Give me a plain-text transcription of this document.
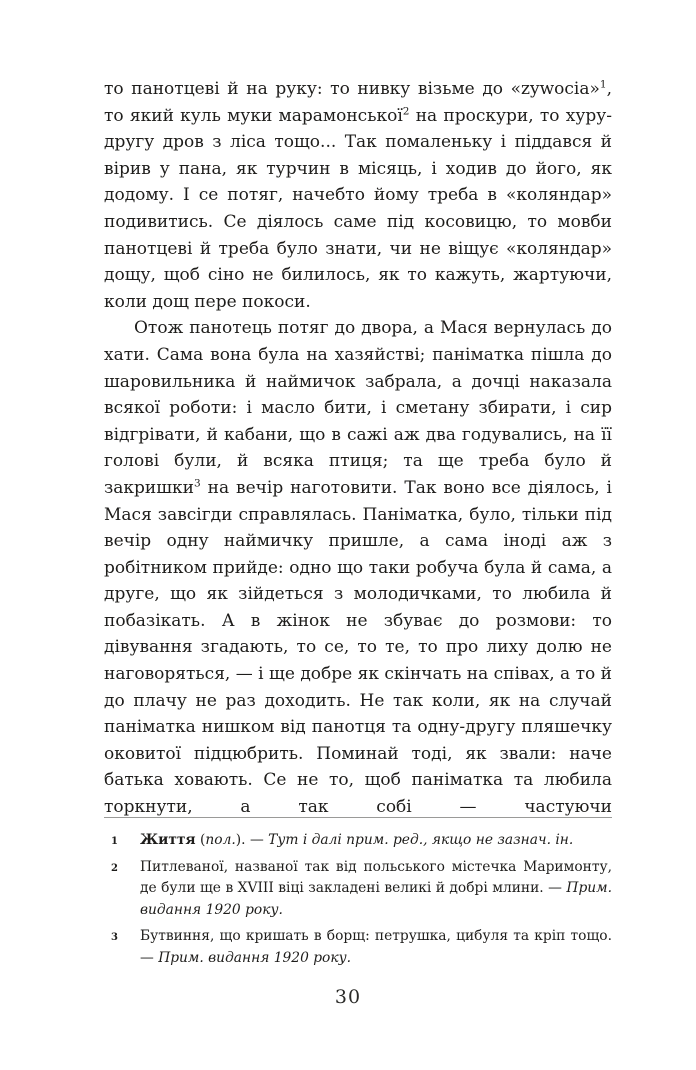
то панотцеві й на руку: то нивку візьме до «zywocia»$^1$, то який куль муки марамонської$^2$ на проскури, то хуру-другу дров з ліса тощо... Так помаленьку і піддався й вірив у пана, як турчин в місяць, і ходив до його, як додому. І се потяг, начебто йому треба в «коляндар» подивитись. Се діялось саме під косовицю, то мовби панотцеві й треба було знати, чи не віщує «коляндар» дощу, щоб сіно не билилось, як то кажуть, жартуючи, коли дощ пере покоси.

Отож панотець потяг до двора, а Мася вернулась до хати. Сама вона була на хазяйстві; паніматка пішла до шаровильника й наймичок забрала, а дочці наказала всякої роботи: і масло бити, і сметану збирати, і сир відгрівати, й кабани, що в сажі аж два годувались, на її голові були, й всяка птиця; та ще треба було й закришки$^3$ на вечір наготовити. Так воно все діялось, і Мася завсігди справлялась. Паніматка, було, тільки під вечір одну наймичку пришле, а сама іноді аж з робітником прийде: одно що таки робуча була й сама, а друге, що як зійдеться з молодичками, то любила й побазікать. А в жінок не збуває до розмови: то дівування згадають, то се, то те, то про лиху долю не наговоряться, — і ще добре як скінчать на співах, а то й до плачу не раз доходить. Не так коли, як на случай паніматка нишком від панотця та одну-другу пляшечку оковитої підцюбрить. Поминай тоді, як звали: наче батька ховають. Се не то, щоб паніматка та любила торкнути, а так собі — частуючи

1 Життя (пол.). — Тут і далі прим. ред., якщо не зазнач. ін.
2 Питлеваної, названої так від польського містечка Маримонту, де були ще в XVIII віці закладені великі й добрі млини. — Прим. видання 1920 року.
3 Бутвиння, що кришать в борщ: петрушка, цибуля та кріп тощо. — Прим. видання 1920 року.
30
